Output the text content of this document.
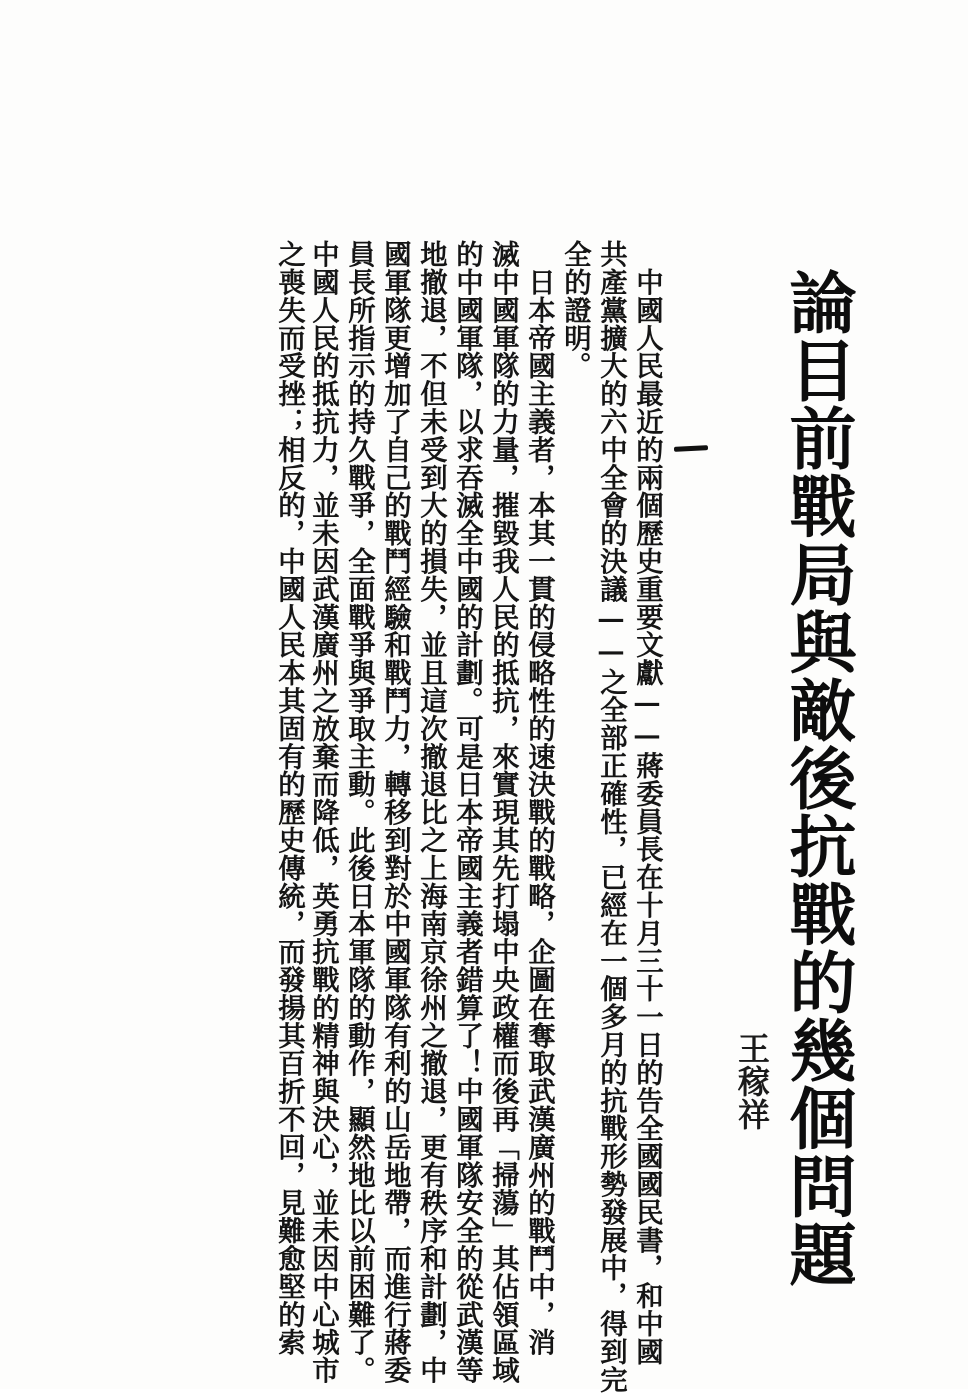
論目前戰局與敵後抗戰的幾個問題
王稼祥
　中國人民最近的兩個歷史重要文獻——蔣委員長在十月三十一日的告全國國民書，和中國
共產黨擴大的六中全會的決議——之全部正確性，已經在一個多月的抗戰形勢發展中，得到完
全的證明。
　日本帝國主義者，本其一貫的侵略性的速決戰的戰略，企圖在奪取武漢廣州的戰鬥中，消
滅中國軍隊的力量，摧毀我人民的抵抗，來實現其先打塌中央政權而後再「掃蕩」其佔領區域
的中國軍隊，以求吞滅全中國的計劃。可是日本帝國主義者錯算了！中國軍隊安全的從武漢等
地撤退，不但未受到大的損失，並且這次撤退比之上海南京徐州之撤退，更有秩序和計劃，中
國軍隊更增加了自己的戰鬥經驗和戰鬥力，轉移到對於中國軍隊有利的山岳地帶，而進行蔣委
員長所指示的持久戰爭，全面戰爭與爭取主動。此後日本軍隊的動作，顯然地比以前困難了。
中國人民的抵抗力，並未因武漢廣州之放棄而降低，英勇抗戰的精神與決心，並未因中心城市
之喪失而受挫；相反的，中國人民本其固有的歷史傳統，而發揚其百折不回，見難愈堅的索
